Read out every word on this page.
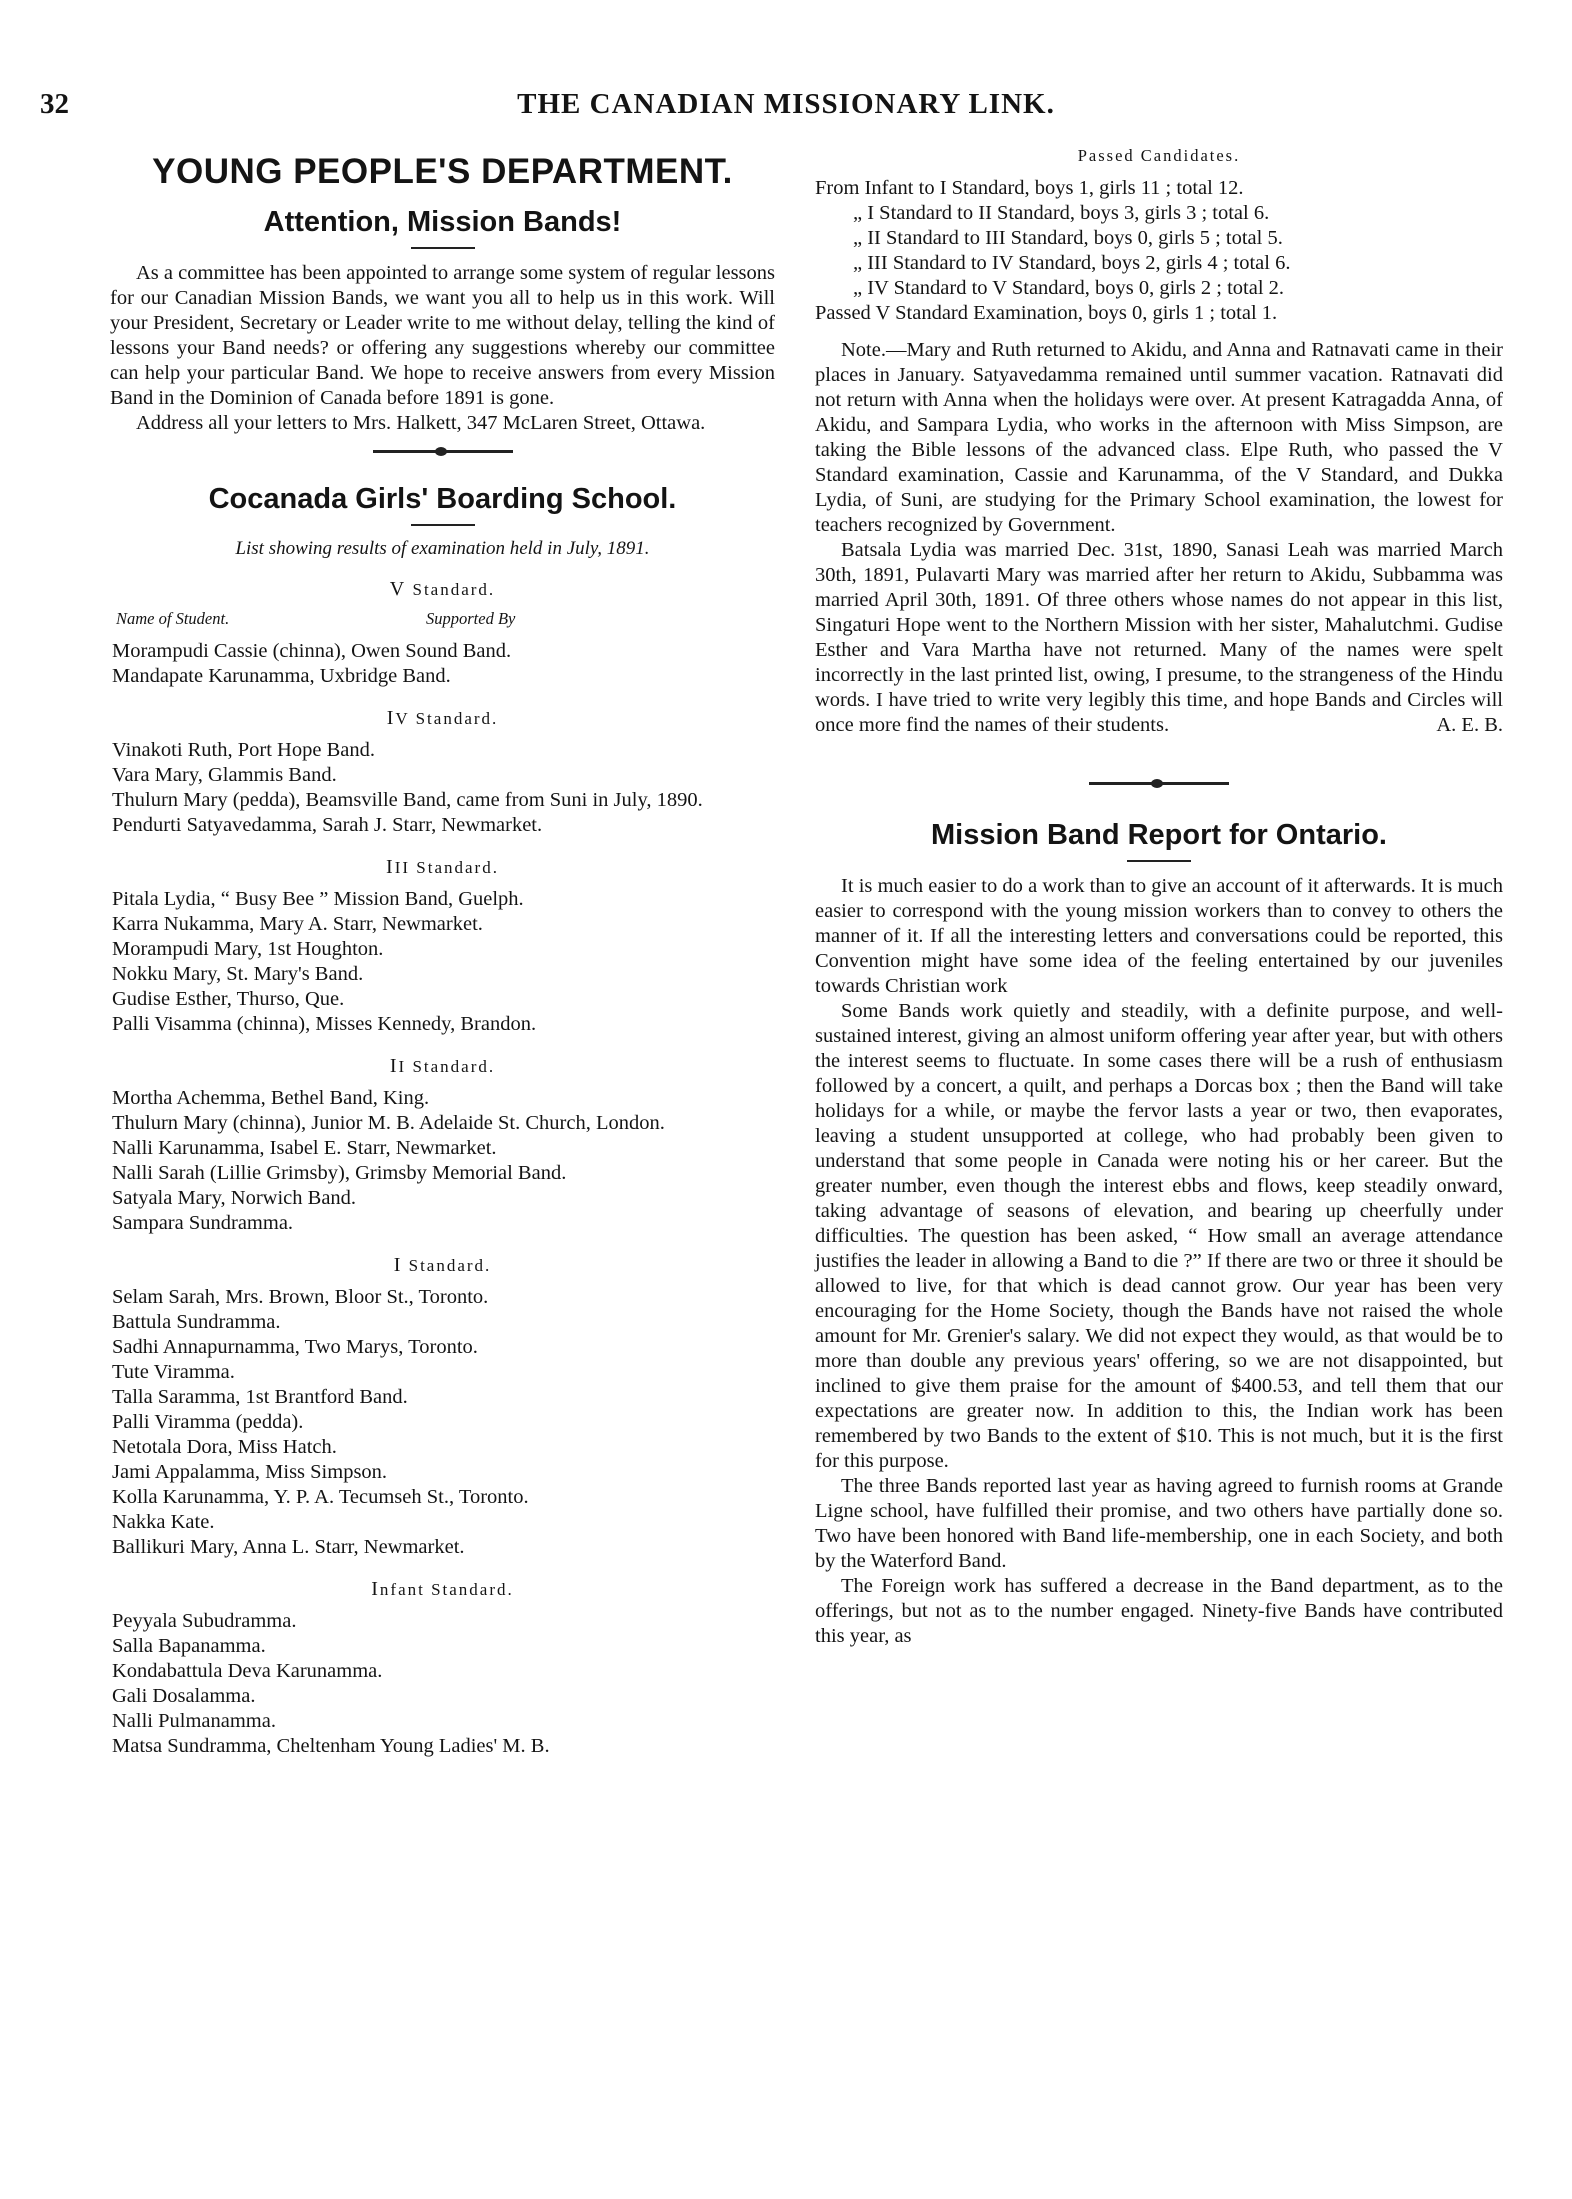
32	THE CANADIAN MISSIONARY LINK.
YOUNG PEOPLE'S DEPARTMENT.
Attention, Mission Bands!

As a committee has been appointed to arrange some system of regular lessons for our Canadian Mission Bands, we want you all to help us in this work. Will your President, Secretary or Leader write to me without delay, telling the kind of lessons your Band needs? or offering any suggestions whereby our committee can help your particular Band. We hope to receive answers from every Mission Band in the Dominion of Canada before 1891 is gone.

Address all your letters to Mrs. Halkett, 347 McLaren Street, Ottawa.

Cocanada Girls' Boarding School.

List showing results of examination held in July, 1891.

V Standard.
Name of Student.	Supported By
Morampudi Cassie (chinna), Owen Sound Band.
Mandapate Karunamma, Uxbridge Band.
IV Standard.
Vinakoti Ruth, Port Hope Band.
Vara Mary, Glammis Band.
Thulurn Mary (pedda), Beamsville Band, came from Suni in July, 1890.
Pendurti Satyavedamma, Sarah J. Starr, Newmarket.
III Standard.
Pitala Lydia, “ Busy Bee ” Mission Band, Guelph.
Karra Nukamma, Mary A. Starr, Newmarket.
Morampudi Mary, 1st Houghton.
Nokku Mary, St. Mary's Band.
Gudise Esther, Thurso, Que.
Palli Visamma (chinna), Misses Kennedy, Brandon.
II Standard.
Mortha Achemma, Bethel Band, King.
Thulurn Mary (chinna), Junior M. B. Adelaide St. Church, London.
Nalli Karunamma, Isabel E. Starr, Newmarket.
Nalli Sarah (Lillie Grimsby), Grimsby Memorial Band.
Satyala Mary, Norwich Band.
Sampara Sundramma.
I Standard.
Selam Sarah, Mrs. Brown, Bloor St., Toronto.
Battula Sundramma.
Sadhi Annapurnamma, Two Marys, Toronto.
Tute Viramma.
Talla Saramma, 1st Brantford Band.
Palli Viramma (pedda).
Netotala Dora, Miss Hatch.
Jami Appalamma, Miss Simpson.
Kolla Karunamma, Y. P. A. Tecumseh St., Toronto.
Nakka Kate.
Ballikuri Mary, Anna L. Starr, Newmarket.
Infant Standard.
Peyyala Subudramma.
Salla Bapanamma.
Kondabattula Deva Karunamma.
Gali Dosalamma.
Nalli Pulmanamma.
Matsa Sundramma, Cheltenham Young Ladies' M. B.
Passed Candidates.
From Infant to I Standard, boys 1, girls 11 ; total 12.
„ I Standard to II Standard, boys 3, girls 3 ; total 6.
„ II Standard to III Standard, boys 0, girls 5 ; total 5.
„ III Standard to IV Standard, boys 2, girls 4 ; total 6.
„ IV Standard to V Standard, boys 0, girls 2 ; total 2.
Passed V Standard Examination, boys 0, girls 1 ; total 1.

Note.—Mary and Ruth returned to Akidu, and Anna and Ratnavati came in their places in January. Satyavedamma remained until summer vacation. Ratnavati did not return with Anna when the holidays were over. At present Katragadda Anna, of Akidu, and Sampara Lydia, who works in the afternoon with Miss Simpson, are taking the Bible lessons of the advanced class. Elpe Ruth, who passed the V Standard examination, Cassie and Karunamma, of the V Standard, and Dukka Lydia, of Suni, are studying for the Primary School examination, the lowest for teachers recognized by Government.

Batsala Lydia was married Dec. 31st, 1890, Sanasi Leah was married March 30th, 1891, Pulavarti Mary was married after her return to Akidu, Subbamma was married April 30th, 1891. Of three others whose names do not appear in this list, Singaturi Hope went to the Northern Mission with her sister, Mahalutchmi. Gudise Esther and Vara Martha have not returned. Many of the names were spelt incorrectly in the last printed list, owing, I presume, to the strangeness of the Hindu words. I have tried to write very legibly this time, and hope Bands and Circles will once more find the names of their students.	A. E. B.

Mission Band Report for Ontario.

It is much easier to do a work than to give an account of it afterwards. It is much easier to correspond with the young mission workers than to convey to others the manner of it. If all the interesting letters and conversations could be reported, this Convention might have some idea of the feeling entertained by our juveniles towards Christian work

Some Bands work quietly and steadily, with a definite purpose, and well-sustained interest, giving an almost uniform offering year after year, but with others the interest seems to fluctuate. In some cases there will be a rush of enthusiasm followed by a concert, a quilt, and perhaps a Dorcas box ; then the Band will take holidays for a while, or maybe the fervor lasts a year or two, then evaporates, leaving a student unsupported at college, who had probably been given to understand that some people in Canada were noting his or her career. But the greater number, even though the interest ebbs and flows, keep steadily onward, taking advantage of seasons of elevation, and bearing up cheerfully under difficulties. The question has been asked, “ How small an average attendance justifies the leader in allowing a Band to die ?” If there are two or three it should be allowed to live, for that which is dead cannot grow. Our year has been very encouraging for the Home Society, though the Bands have not raised the whole amount for Mr. Grenier's salary. We did not expect they would, as that would be to more than double any previous years' offering, so we are not disappointed, but inclined to give them praise for the amount of $400.53, and tell them that our expectations are greater now. In addition to this, the Indian work has been remembered by two Bands to the extent of $10. This is not much, but it is the first for this purpose.

The three Bands reported last year as having agreed to furnish rooms at Grande Ligne school, have fulfilled their promise, and two others have partially done so. Two have been honored with Band life-membership, one in each Society, and both by the Waterford Band.

The Foreign work has suffered a decrease in the Band department, as to the offerings, but not as to the number engaged. Ninety-five Bands have contributed this year, as
